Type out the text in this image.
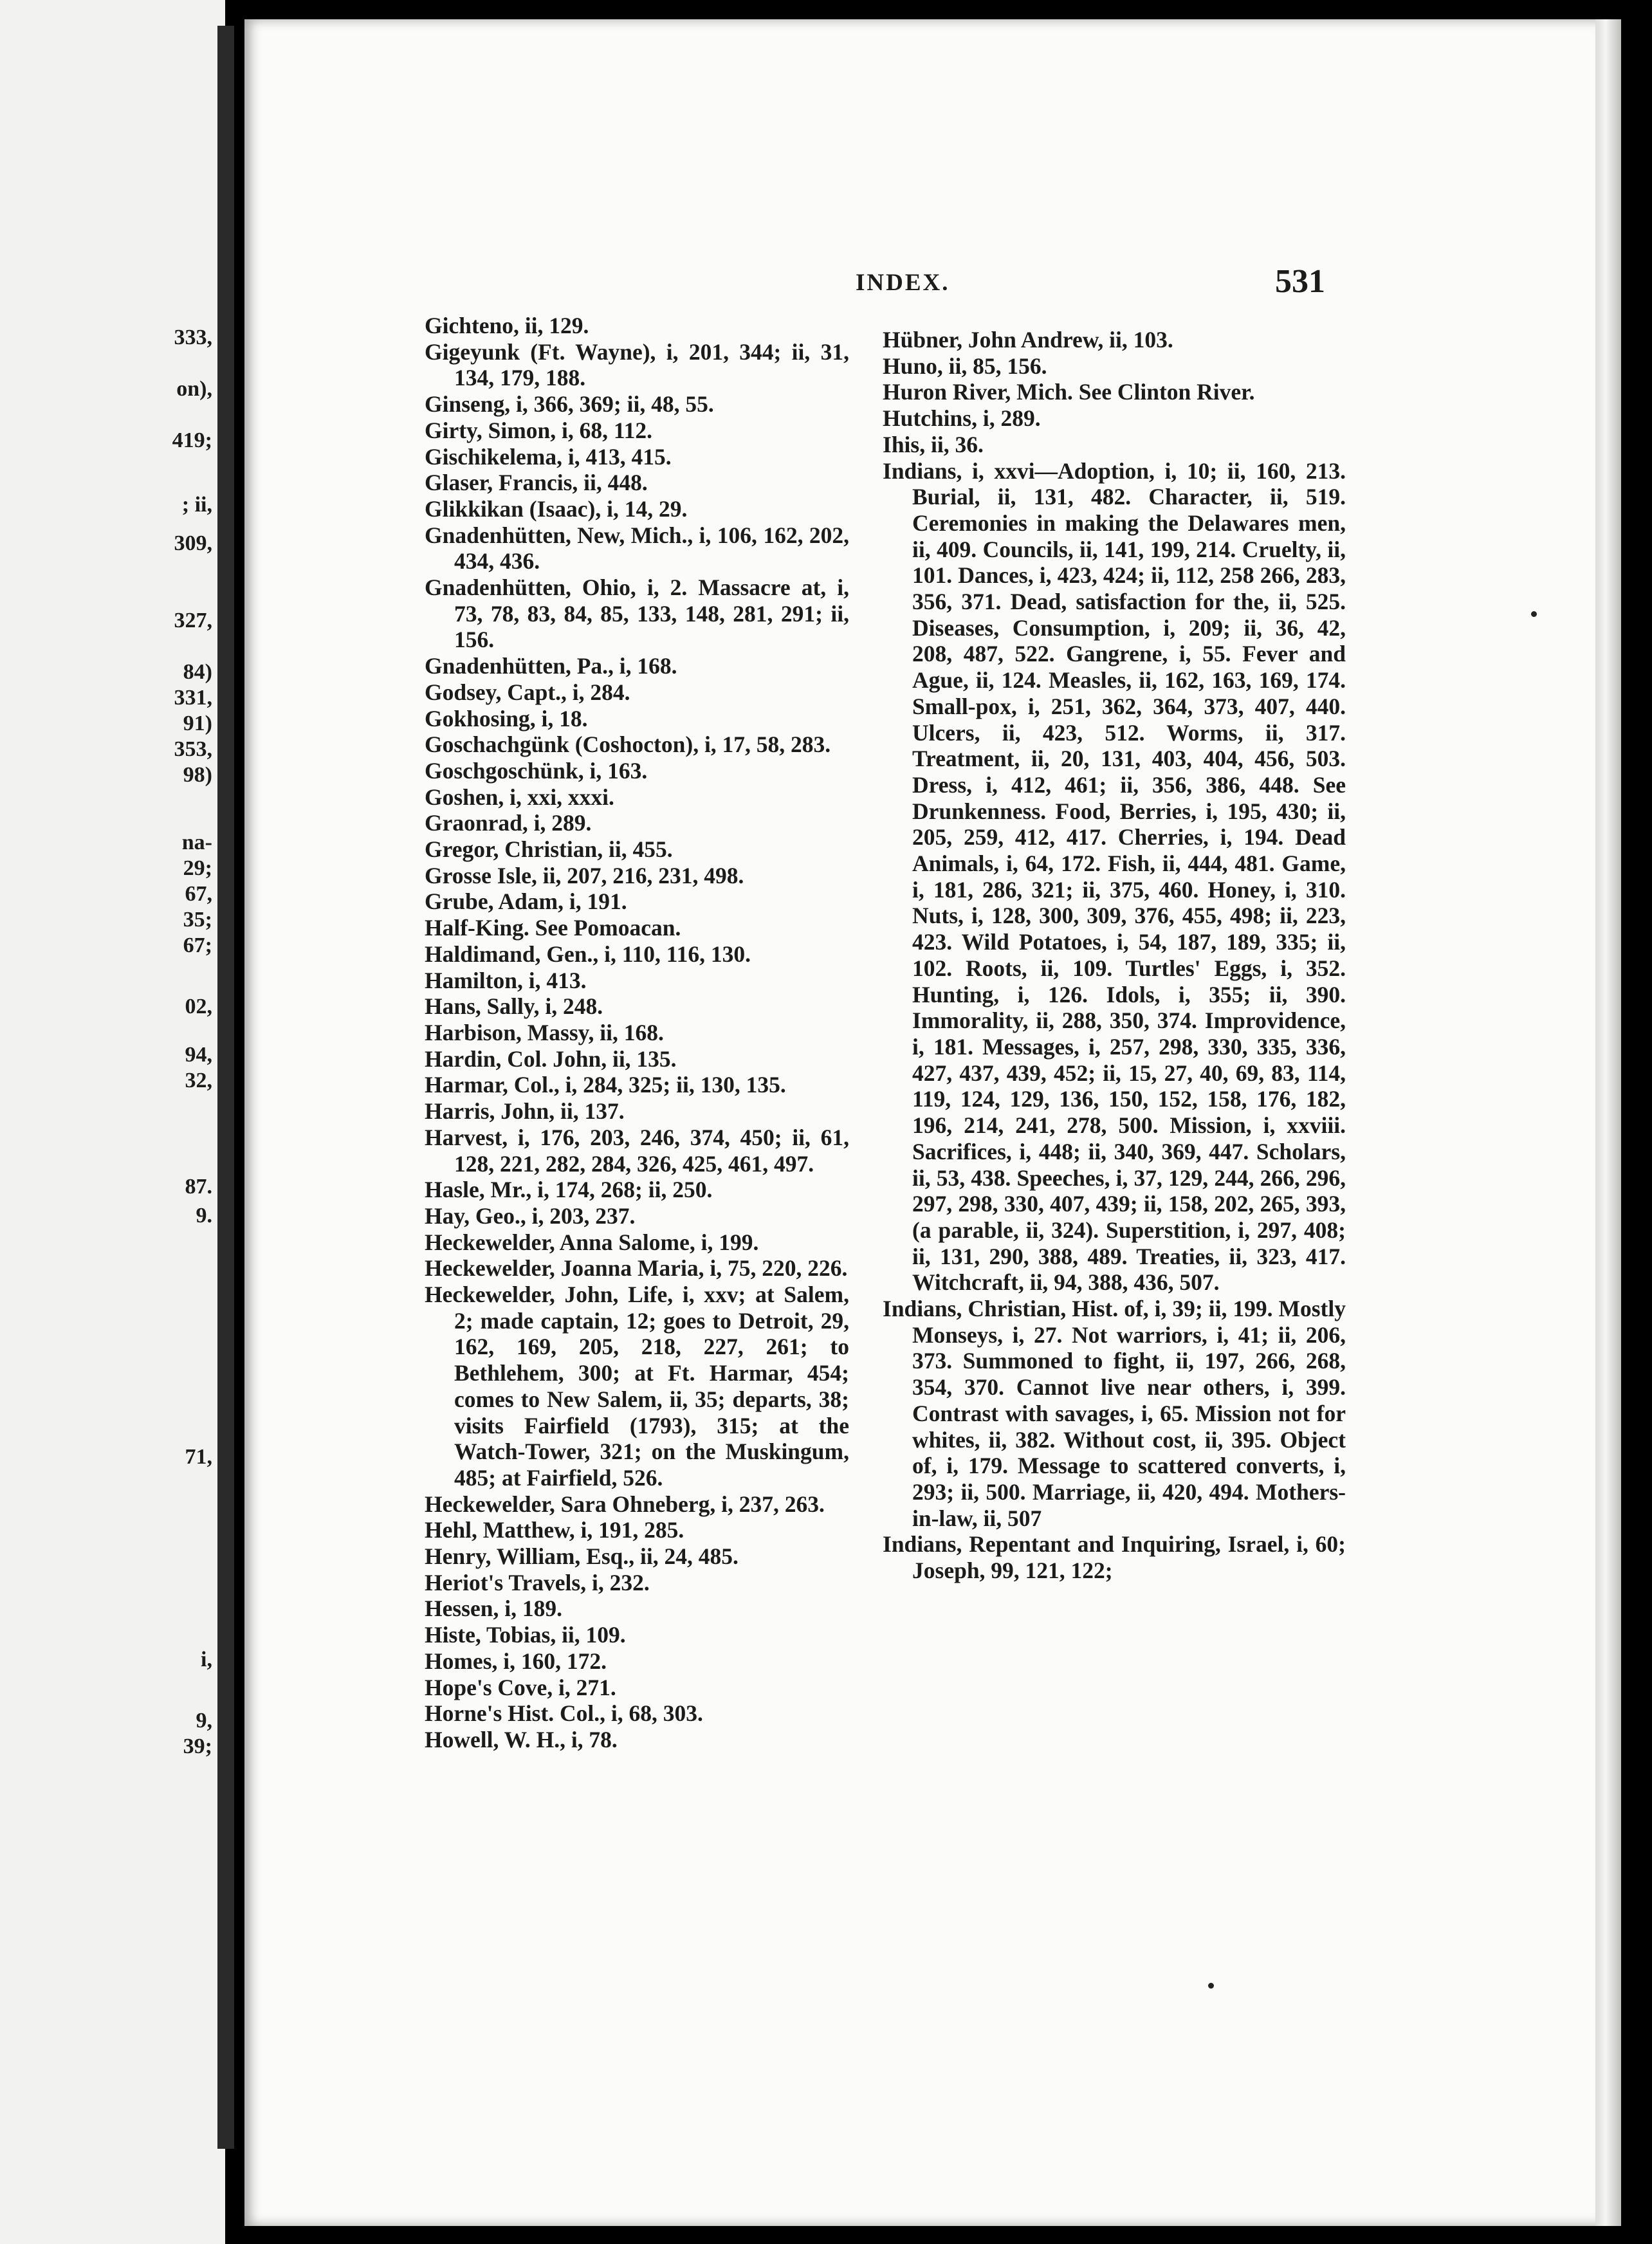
333,
on),
419;
; ii,
309,
327,
84)
331,
91)
353,
98)
na-
29;
67,
35;
67;
02,
94,
32,
87.
9.
71,
i,
9,
39;
INDEX.	531

Gichteno, ii, 129.

Gigeyunk (Ft. Wayne), i, 201, 344; ii, 31, 134, 179, 188.

Ginseng, i, 366, 369; ii, 48, 55.

Girty, Simon, i, 68, 112.

Gischikelema, i, 413, 415.

Glaser, Francis, ii, 448.

Glikkikan (Isaac), i, 14, 29.

Gnadenhütten, New, Mich., i, 106, 162, 202, 434, 436.

Gnadenhütten, Ohio, i, 2. Massacre at, i, 73, 78, 83, 84, 85, 133, 148, 281, 291; ii, 156.

Gnadenhütten, Pa., i, 168.

Godsey, Capt., i, 284.

Gokhosing, i, 18.

Goschachgünk (Coshocton), i, 17, 58, 283.

Goschgoschünk, i, 163.

Goshen, i, xxi, xxxi.

Graonrad, i, 289.

Gregor, Christian, ii, 455.

Grosse Isle, ii, 207, 216, 231, 498.

Grube, Adam, i, 191.

Half-King. See Pomoacan.

Haldimand, Gen., i, 110, 116, 130.

Hamilton, i, 413.

Hans, Sally, i, 248.

Harbison, Massy, ii, 168.

Hardin, Col. John, ii, 135.

Harmar, Col., i, 284, 325; ii, 130, 135.

Harris, John, ii, 137.

Harvest, i, 176, 203, 246, 374, 450; ii, 61, 128, 221, 282, 284, 326, 425, 461, 497.

Hasle, Mr., i, 174, 268; ii, 250.

Hay, Geo., i, 203, 237.

Heckewelder, Anna Salome, i, 199.

Heckewelder, Joanna Maria, i, 75, 220, 226.

Heckewelder, John, Life, i, xxv; at Salem, 2; made captain, 12; goes to Detroit, 29, 162, 169, 205, 218, 227, 261; to Bethlehem, 300; at Ft. Harmar, 454; comes to New Salem, ii, 35; departs, 38; visits Fairfield (1793), 315; at the Watch-Tower, 321; on the Muskingum, 485; at Fairfield, 526.

Heckewelder, Sara Ohneberg, i, 237, 263.

Hehl, Matthew, i, 191, 285.

Henry, William, Esq., ii, 24, 485.

Heriot's Travels, i, 232.

Hessen, i, 189.

Histe, Tobias, ii, 109.

Homes, i, 160, 172.

Hope's Cove, i, 271.

Horne's Hist. Col., i, 68, 303.

Howell, W. H., i, 78.

Hübner, John Andrew, ii, 103.

Huno, ii, 85, 156.

Huron River, Mich. See Clinton River.

Hutchins, i, 289.

Ihis, ii, 36.

Indians, i, xxvi—Adoption, i, 10; ii, 160, 213. Burial, ii, 131, 482. Character, ii, 519. Ceremonies in making the Delawares men, ii, 409. Councils, ii, 141, 199, 214. Cruelty, ii, 101. Dances, i, 423, 424; ii, 112, 258 266, 283, 356, 371. Dead, satisfaction for the, ii, 525. Diseases, Consumption, i, 209; ii, 36, 42, 208, 487, 522. Gangrene, i, 55. Fever and Ague, ii, 124. Measles, ii, 162, 163, 169, 174. Small-pox, i, 251, 362, 364, 373, 407, 440. Ulcers, ii, 423, 512. Worms, ii, 317. Treatment, ii, 20, 131, 403, 404, 456, 503. Dress, i, 412, 461; ii, 356, 386, 448. See Drunkenness. Food, Berries, i, 195, 430; ii, 205, 259, 412, 417. Cherries, i, 194. Dead Animals, i, 64, 172. Fish, ii, 444, 481. Game, i, 181, 286, 321; ii, 375, 460. Honey, i, 310. Nuts, i, 128, 300, 309, 376, 455, 498; ii, 223, 423. Wild Potatoes, i, 54, 187, 189, 335; ii, 102. Roots, ii, 109. Turtles' Eggs, i, 352. Hunting, i, 126. Idols, i, 355; ii, 390. Immorality, ii, 288, 350, 374. Improvidence, i, 181. Messages, i, 257, 298, 330, 335, 336, 427, 437, 439, 452; ii, 15, 27, 40, 69, 83, 114, 119, 124, 129, 136, 150, 152, 158, 176, 182, 196, 214, 241, 278, 500. Mission, i, xxviii. Sacrifices, i, 448; ii, 340, 369, 447. Scholars, ii, 53, 438. Speeches, i, 37, 129, 244, 266, 296, 297, 298, 330, 407, 439; ii, 158, 202, 265, 393, (a parable, ii, 324). Superstition, i, 297, 408; ii, 131, 290, 388, 489. Treaties, ii, 323, 417. Witchcraft, ii, 94, 388, 436, 507.

Indians, Christian, Hist. of, i, 39; ii, 199. Mostly Monseys, i, 27. Not warriors, i, 41; ii, 206, 373. Summoned to fight, ii, 197, 266, 268, 354, 370. Cannot live near others, i, 399. Contrast with savages, i, 65. Mission not for whites, ii, 382. Without cost, ii, 395. Object of, i, 179. Message to scattered converts, i, 293; ii, 500. Marriage, ii, 420, 494. Mothers-in-law, ii, 507

Indians, Repentant and Inquiring, Israel, i, 60; Joseph, 99, 121, 122;
